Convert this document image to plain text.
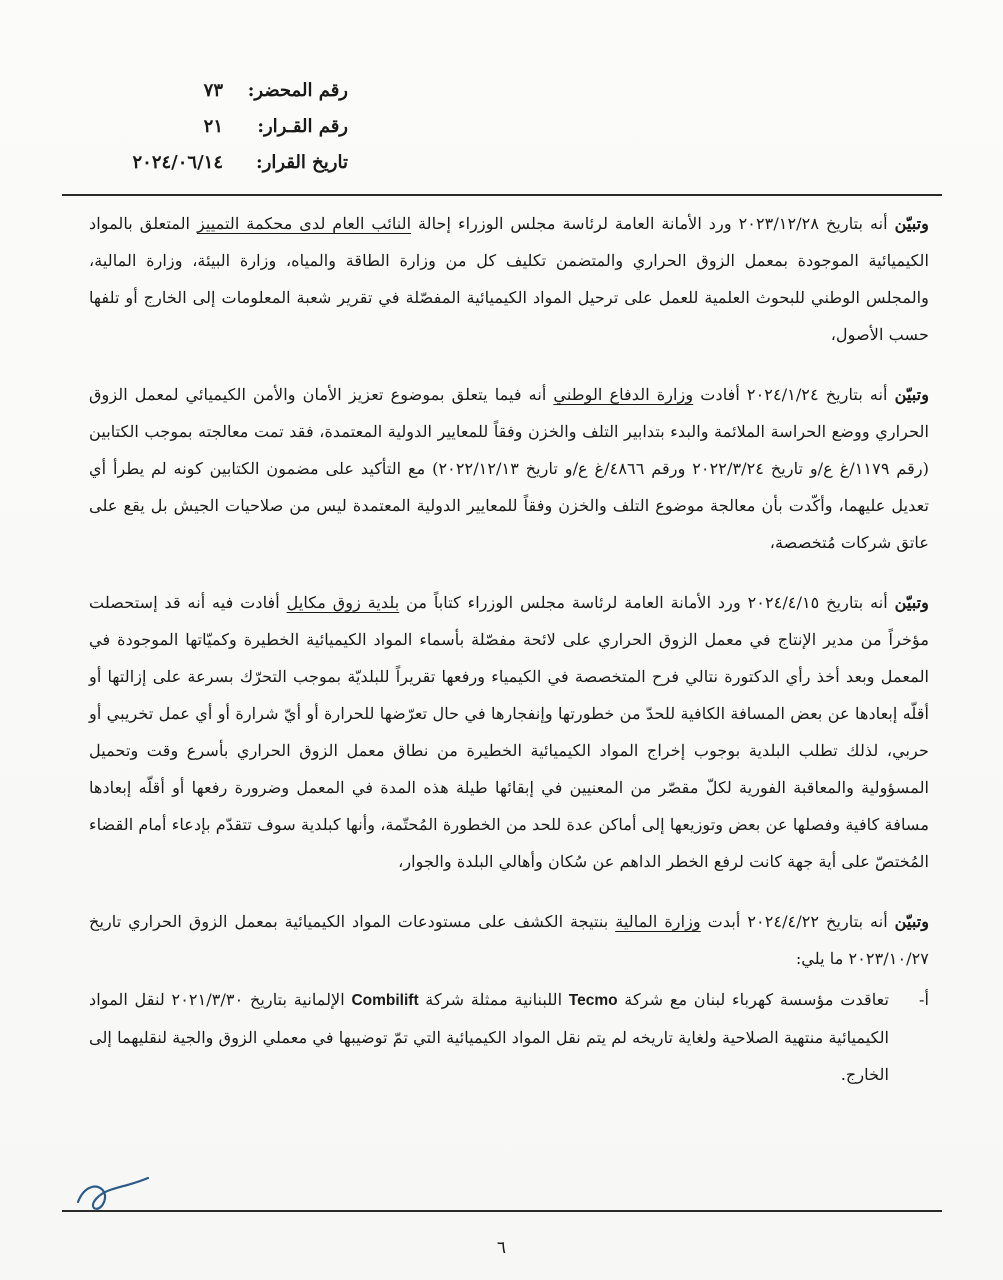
رقم المحضر:
٧٣
رقم القـرار:
٢١
تاريخ القرار:
٢٠٢٤/٠٦/١٤

وتبيّن أنه بتاريخ ٢٠٢٣/١٢/٢٨ ورد الأمانة العامة لرئاسة مجلس الوزراء إحالة النائب العام لدى محكمة التمييز المتعلق بالمواد الكيميائية الموجودة بمعمل الزوق الحراري والمتضمن تكليف كل من وزارة الطاقة والمياه، وزارة البيئة، وزارة المالية، والمجلس الوطني للبحوث العلمية للعمل على ترحيل المواد الكيميائية المفصّلة في تقرير شعبة المعلومات إلى الخارج أو تلفها حسب الأصول،

وتبيّن أنه بتاريخ ٢٠٢٤/١/٢٤ أفادت وزارة الدفاع الوطني أنه فيما يتعلق بموضوع تعزيز الأمان والأمن الكيميائي لمعمل الزوق الحراري ووضع الحراسة الملائمة والبدء بتدابير التلف والخزن وفقاً للمعايير الدولية المعتمدة، فقد تمت معالجته بموجب الكتابين (رقم ١١٧٩/غ ع/و تاريخ ٢٠٢٢/٣/٢٤ ورقم ٤٨٦٦/غ ع/و تاريخ ٢٠٢٢/١٢/١٣) مع التأكيد على مضمون الكتابين كونه لم يطرأ أي تعديل عليهما، وأكّدت بأن معالجة موضوع التلف والخزن وفقاً للمعايير الدولية المعتمدة ليس من صلاحيات الجيش بل يقع على عاتق شركات مُتخصصة،

وتبيّن أنه بتاريخ ٢٠٢٤/٤/١٥ ورد الأمانة العامة لرئاسة مجلس الوزراء كتاباً من بلدية زوق مكايل أفادت فيه أنه قد إستحصلت مؤخراً من مدير الإنتاج في معمل الزوق الحراري على لائحة مفصّلة بأسماء المواد الكيميائية الخطيرة وكميّاتها الموجودة في المعمل وبعد أخذ رأي الدكتورة نتالي فرح المتخصصة في الكيمياء ورفعها تقريراً للبلديّة بموجب التحرّك بسرعة على إزالتها أو أقلّه إبعادها عن بعض المسافة الكافية للحدّ من خطورتها وإنفجارها في حال تعرّضها للحرارة أو أيّ شرارة أو أي عمل تخريبي أو حربي، لذلك تطلب البلدية بوجوب إخراج المواد الكيميائية الخطيرة من نطاق معمل الزوق الحراري بأسرع وقت وتحميل المسؤولية والمعاقبة الفورية لكلّ مقصّر من المعنيين في إبقائها طيلة هذه المدة في المعمل وضرورة رفعها أو أقلّه إبعادها مسافة كافية وفصلها عن بعض وتوزيعها إلى أماكن عدة للحد من الخطورة المُحتّمة، وأنها كبلدية سوف تتقدّم بإدعاء أمام القضاء المُختصّ على أية جهة كانت لرفع الخطر الداهم عن سُكان وأهالي البلدة والجوار،

وتبيّن أنه بتاريخ ٢٠٢٤/٤/٢٢ أبدت وزارة المالية بنتيجة الكشف على مستودعات المواد الكيميائية بمعمل الزوق الحراري تاريخ ٢٠٢٣/١٠/٢٧ ما يلي:

أ-
تعاقدت مؤسسة كهرباء لبنان مع شركة Tecmo اللبنانية ممثلة شركة Combilift الإلمانية بتاريخ ٢٠٢١/٣/٣٠ لنقل المواد الكيميائية منتهية الصلاحية ولغاية تاريخه لم يتم نقل المواد الكيميائية التي تمّ توضيبها في معملي الزوق والجية لنقليهما إلى الخارج.
٦
